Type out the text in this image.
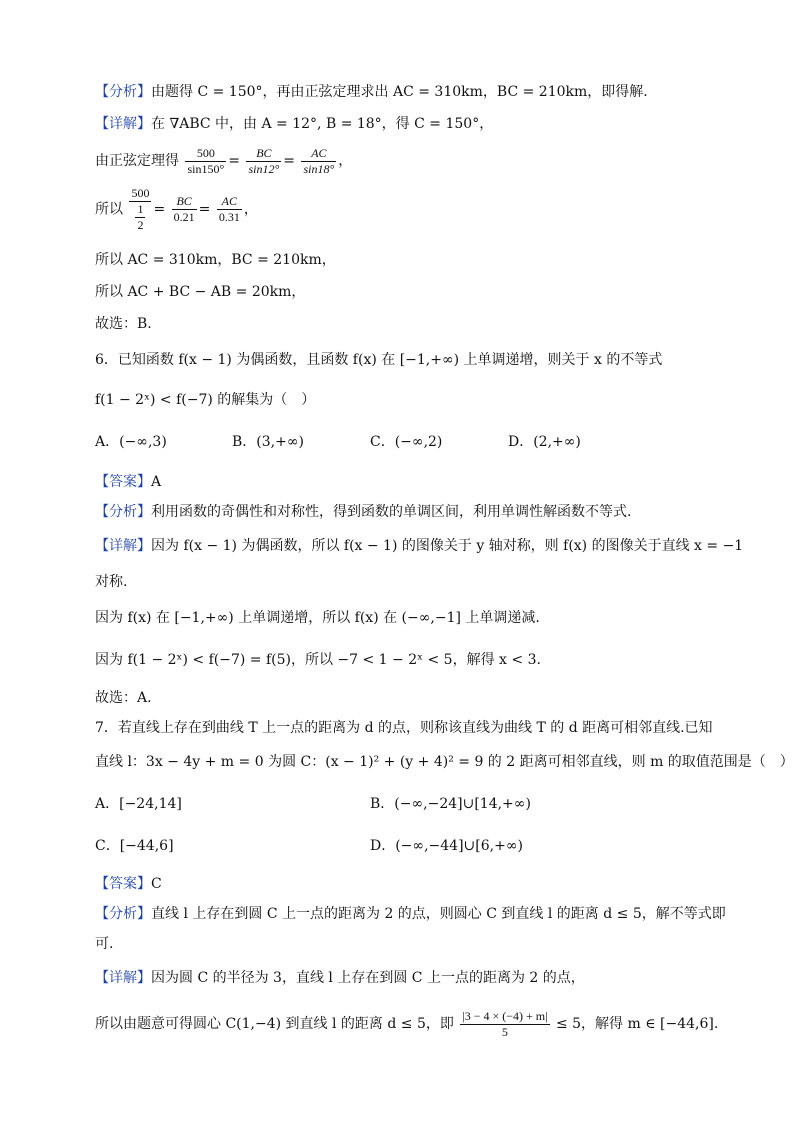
【分析】由题得 C = 150°，再由正弦定理求出 AC = 310km，BC = 210km，即得解.
【详解】在 ∇ABC 中，由 A = 12°, B = 18°，得 C = 150°，
由正弦定理得 $\frac{500}{\sin 150^\circ} = \frac{BC}{\sin 12^\circ} = \frac{AC}{\sin 18^\circ}$ ，
所以 $\frac{500}{\frac{1}{2}} = \frac{BC}{0.21} = \frac{AC}{0.31}$ ，
所以 AC = 310km，BC = 210km，
所以 AC + BC − AB = 20km，
故选：B.
6．已知函数 f(x − 1) 为偶函数，且函数 f(x) 在 [−1,+∞) 上单调递增，则关于 x 的不等式
f(1 − 2ˣ) < f(−7) 的解集为（　）
A．(−∞,3)	B．(3,+∞)	C．(−∞,2)	D．(2,+∞)
【答案】A
【分析】利用函数的奇偶性和对称性，得到函数的单调区间，利用单调性解函数不等式.
【详解】因为 f(x − 1) 为偶函数，所以 f(x − 1) 的图像关于 y 轴对称，则 f(x) 的图像关于直线 x = −1
对称.
因为 f(x) 在 [−1,+∞) 上单调递增，所以 f(x) 在 (−∞,−1] 上单调递减.
因为 f(1 − 2ˣ) < f(−7) = f(5)，所以 −7 < 1 − 2ˣ < 5，解得 x < 3.
故选：A.
7．若直线上存在到曲线 T 上一点的距离为 d 的点，则称该直线为曲线 T 的 d 距离可相邻直线.已知
直线 l：3x − 4y + m = 0 为圆 C：(x − 1)² + (y + 4)² = 9 的 2 距离可相邻直线，则 m 的取值范围是（　）
A．[−24,14]	B．(−∞,−24]∪[14,+∞)
C．[−44,6]	D．(−∞,−44]∪[6,+∞)
【答案】C
【分析】直线 l 上存在到圆 C 上一点的距离为 2 的点，则圆心 C 到直线 l 的距离 d ≤ 5，解不等式即
可.
【详解】因为圆 C 的半径为 3，直线 l 上存在到圆 C 上一点的距离为 2 的点，
所以由题意可得圆心 C(1,−4) 到直线 l 的距离 d ≤ 5，即 $\frac{|3 - 4 \times (-4) + m|}{5} \le 5$，解得 m ∈ [−44,6].
